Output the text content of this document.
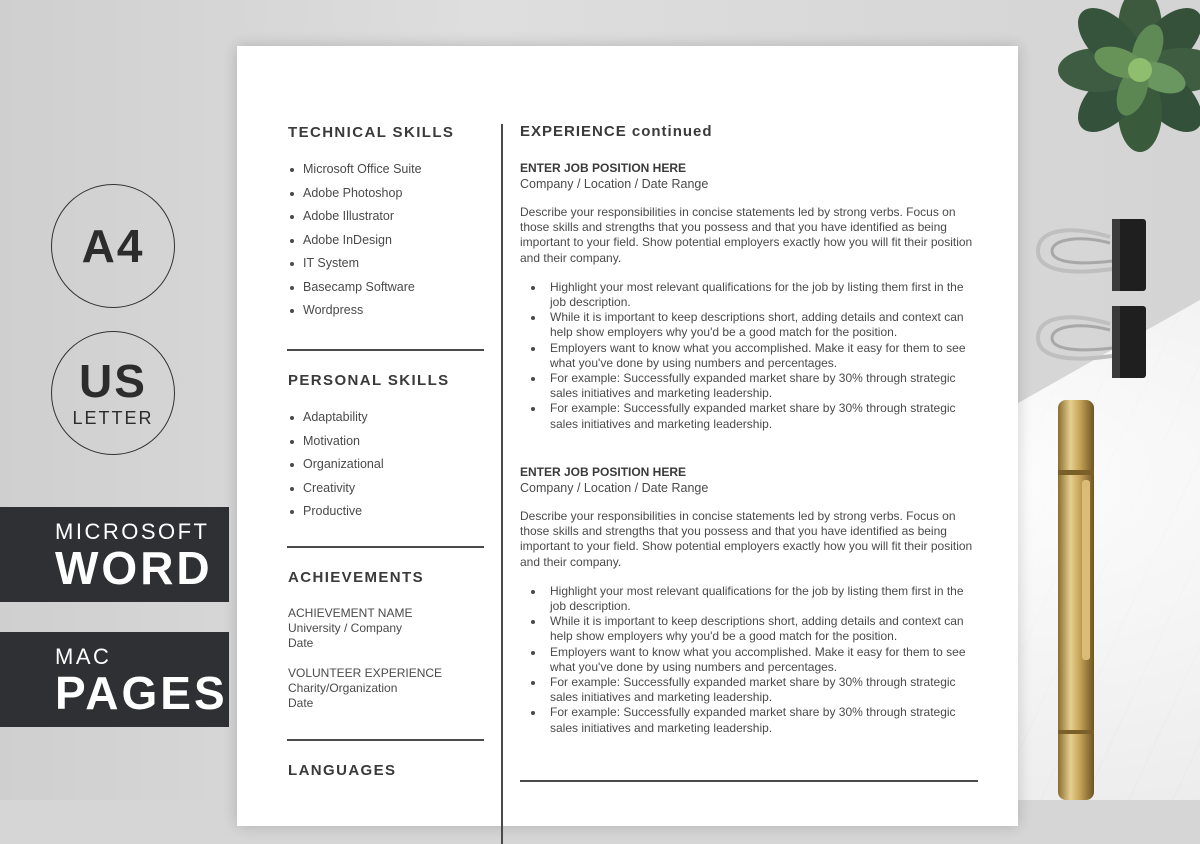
A4
US
LETTER
MICROSOFT
WORD
MAC
PAGES
TECHNICAL SKILLS
Microsoft Office Suite
Adobe Photoshop
Adobe Illustrator
Adobe InDesign
IT System
Basecamp Software
Wordpress
PERSONAL SKILLS
Adaptability
Motivation
Organizational
Creativity
Productive
ACHIEVEMENTS
ACHIEVEMENT NAME
University / Company
Date
VOLUNTEER EXPERIENCE
Charity/Organization
Date
LANGUAGES
EXPERIENCE continued
ENTER JOB POSITION HERE
Company / Location / Date Range
Describe your responsibilities in concise statements led by strong verbs. Focus on those skills and strengths that you possess and that you have identified as being important to your field. Show potential employers exactly how you will fit their position and their company.
Highlight your most relevant qualifications for the job by listing them first in the job description.
While it is important to keep descriptions short, adding details and context can help show employers why you'd be a good match for the position.
Employers want to know what you accomplished. Make it easy for them to see what you've done by using numbers and percentages.
For example: Successfully expanded market share by 30% through strategic sales initiatives and marketing leadership.
For example: Successfully expanded market share by 30% through strategic sales initiatives and marketing leadership.
ENTER JOB POSITION HERE
Company / Location / Date Range
Describe your responsibilities in concise statements led by strong verbs. Focus on those skills and strengths that you possess and that you have identified as being important to your field. Show potential employers exactly how you will fit their position and their company.
Highlight your most relevant qualifications for the job by listing them first in the job description.
While it is important to keep descriptions short, adding details and context can help show employers why you'd be a good match for the position.
Employers want to know what you accomplished. Make it easy for them to see what you've done by using numbers and percentages.
For example: Successfully expanded market share by 30% through strategic sales initiatives and marketing leadership.
For example: Successfully expanded market share by 30% through strategic sales initiatives and marketing leadership.
